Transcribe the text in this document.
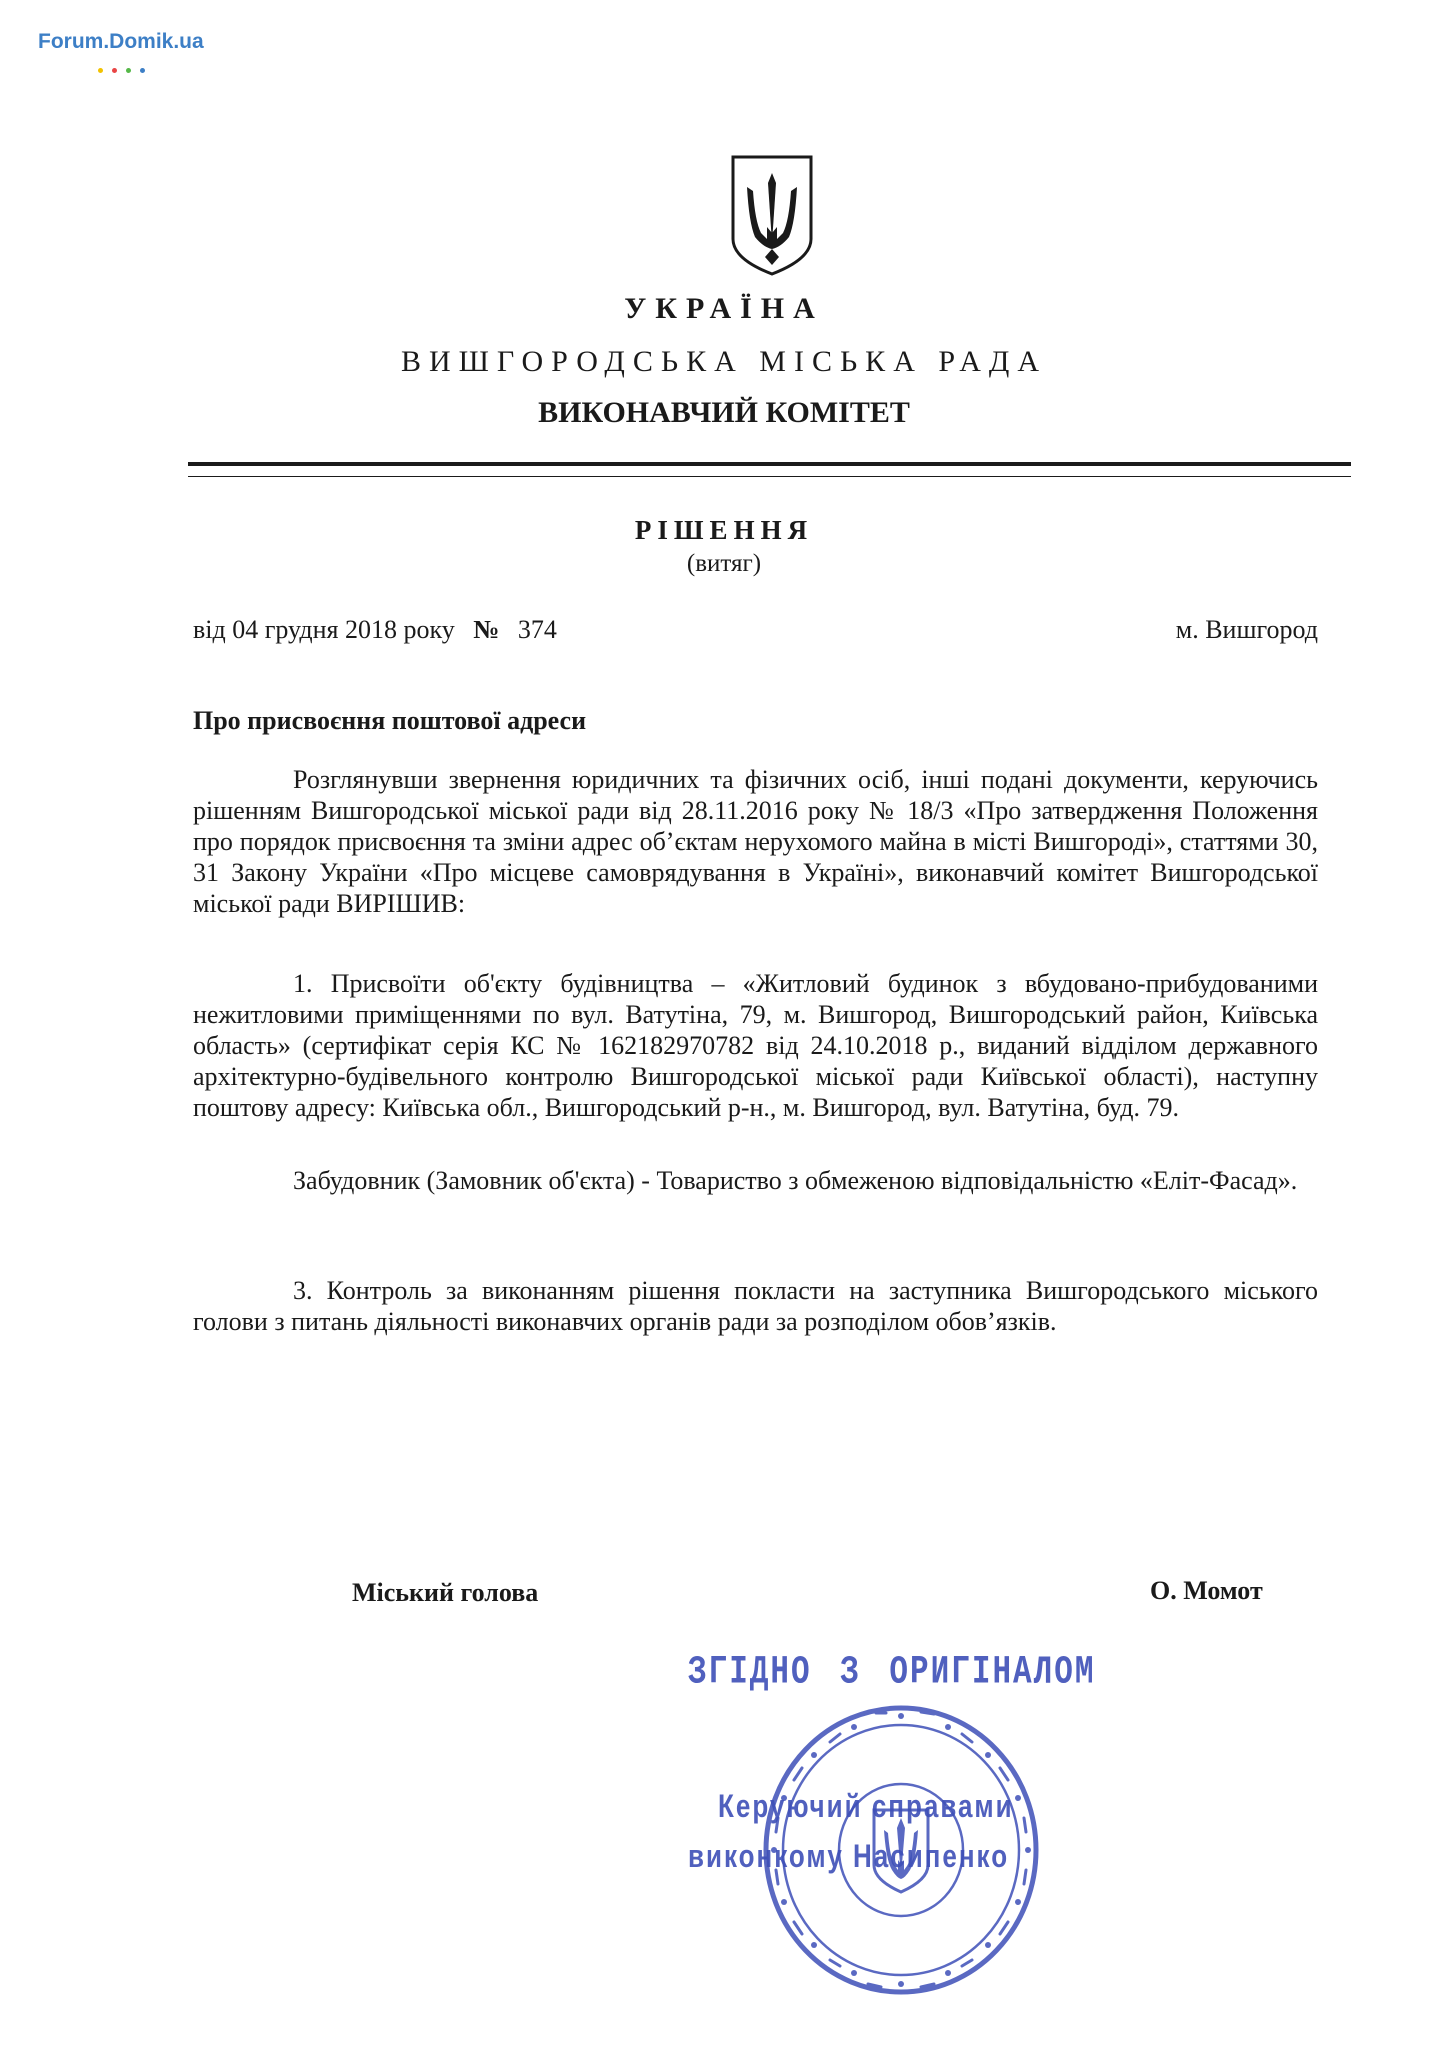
Forum.Domik.ua
УКРАЇНА
ВИШГОРОДСЬКА МІСЬКА РАДА
ВИКОНАВЧИЙ КОМІТЕТ
РІШЕННЯ
(витяг)
від 04 грудня 2018 року № 374	м. Вишгород
Про присвоєння поштової адреси

Розглянувши звернення юридичних та фізичних осіб, інші подані документи, керуючись рішенням Вишгородської міської ради від 28.11.2016 року № 18/3 «Про затвердження Положення про порядок присвоєння та зміни адрес об’єктам нерухомого майна в місті Вишгороді», статтями 30, 31 Закону України «Про місцеве самоврядування в Україні», виконавчий комітет Вишгородської міської ради ВИРІШИВ:

1. Присвоїти об'єкту будівництва – «Житловий будинок з вбудовано-прибудованими нежитловими приміщеннями по вул. Ватутіна, 79, м. Вишгород, Вишгородський район, Київська область» (сертифікат серія КС № 162182970782 від 24.10.2018 р., виданий відділом державного архітектурно-будівельного контролю Вишгородської міської ради Київської області), наступну поштову адресу: Київська обл., Вишгородський р-н., м. Вишгород, вул. Ватутіна, буд. 79.

Забудовник (Замовник об'єкта) - Товариство з обмеженою відповідальністю «Еліт-Фасад».

3. Контроль за виконанням рішення покласти на заступника Вишгородського міського голови з питань діяльності виконавчих органів ради за розподілом обов’язків.

Міський голова	О. Момот
ЗГІДНО З ОРИГІНАЛОМ
Керуючий справами
виконкому Насипенко
